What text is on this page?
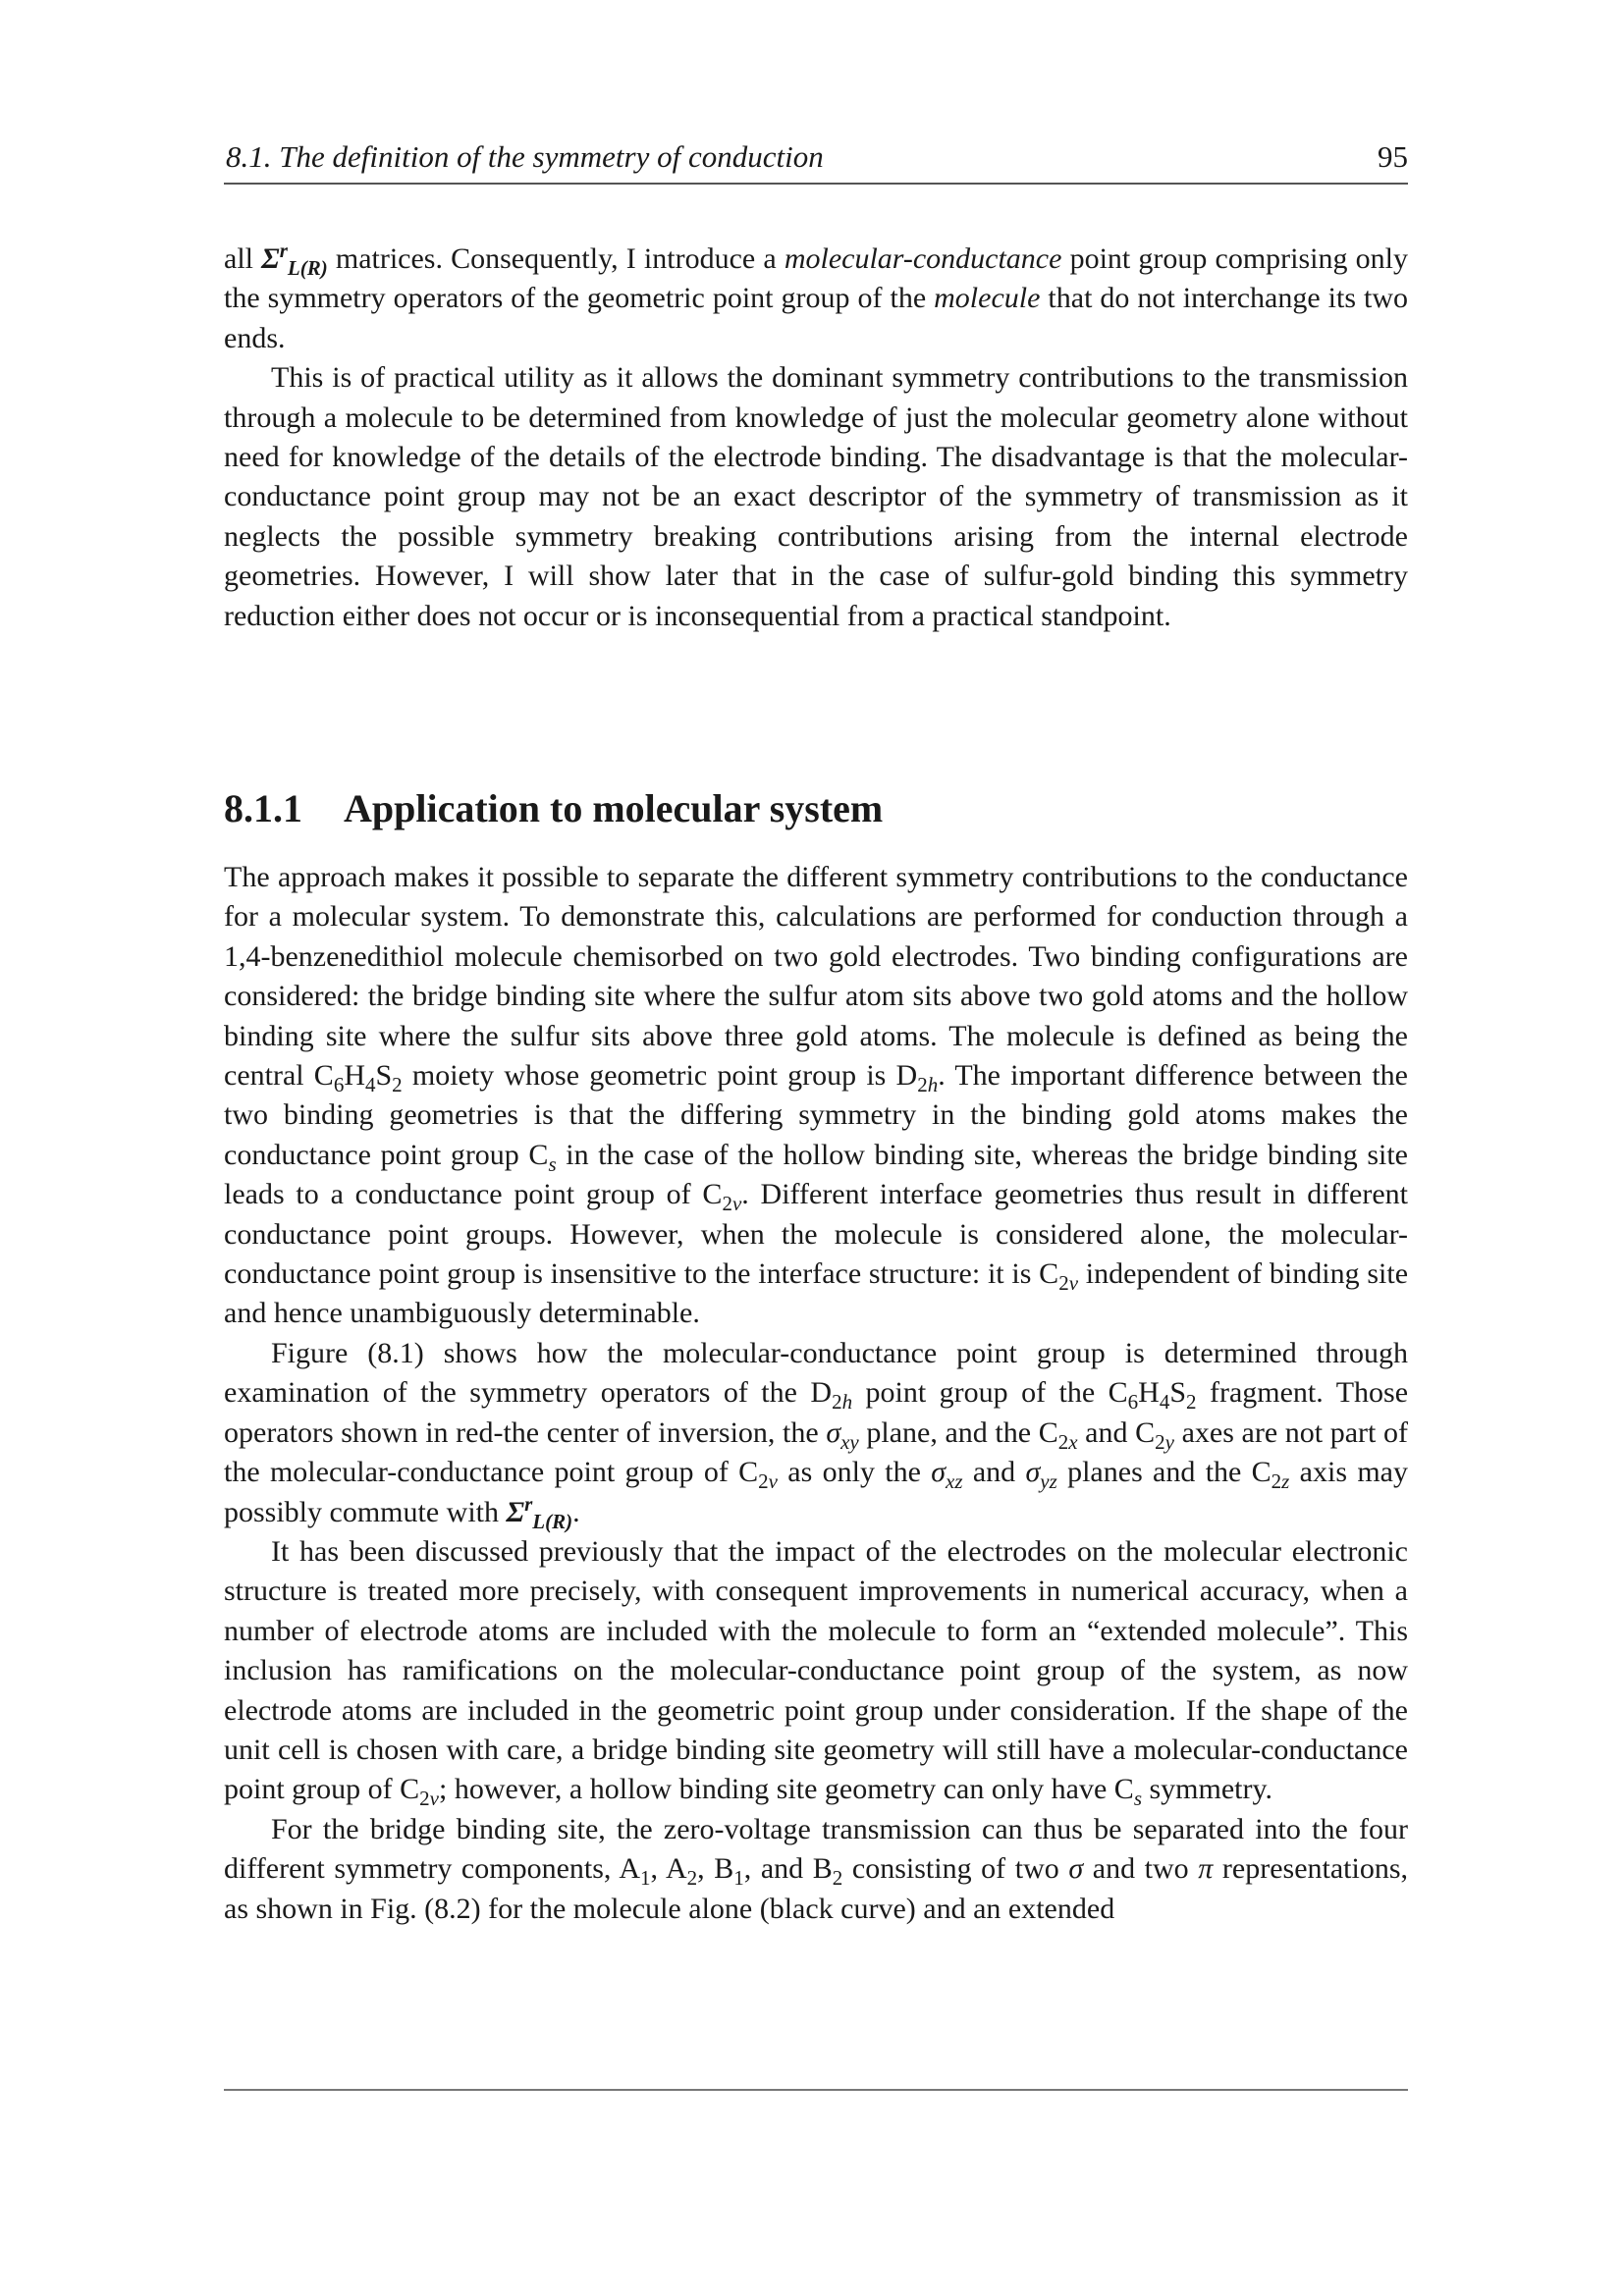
8.1. The definition of the symmetry of conduction	95

all $\Sigma^r_{L(R)}$ matrices. Consequently, I introduce a molecular-conductance point group comprising only the symmetry operators of the geometric point group of the molecule that do not interchange its two ends.

This is of practical utility as it allows the dominant symmetry contributions to the transmission through a molecule to be determined from knowledge of just the molecular geometry alone without need for knowledge of the details of the electrode binding. The disadvantage is that the molecular-conductance point group may not be an exact descriptor of the symmetry of transmission as it neglects the possible symmetry breaking contributions arising from the internal electrode geometries. However, I will show later that in the case of sulfur-gold binding this symmetry reduction either does not occur or is inconsequential from a practical standpoint.

8.1.1 Application to molecular system

The approach makes it possible to separate the different symmetry contributions to the conductance for a molecular system. To demonstrate this, calculations are performed for conduction through a 1,4-benzenedithiol molecule chemisorbed on two gold electrodes. Two binding configurations are considered: the bridge binding site where the sulfur atom sits above two gold atoms and the hollow binding site where the sulfur sits above three gold atoms. The molecule is defined as being the central $C_6H_4S_2$ moiety whose geometric point group is $D_{2h}$. The important difference between the two binding geometries is that the differing symmetry in the binding gold atoms makes the conductance point group $C_s$ in the case of the hollow binding site, whereas the bridge binding site leads to a conductance point group of $C_{2v}$. Different interface geometries thus result in different conductance point groups. However, when the molecule is considered alone, the molecular-conductance point group is insensitive to the interface structure: it is $C_{2v}$ independent of binding site and hence unambiguously determinable.

Figure (8.1) shows how the molecular-conductance point group is determined through examination of the symmetry operators of the $D_{2h}$ point group of the $C_6H_4S_2$ fragment. Those operators shown in red-the center of inversion, the $\sigma_{xy}$ plane, and the $C_{2x}$ and $C_{2y}$ axes are not part of the molecular-conductance point group of $C_{2v}$ as only the $\sigma_{xz}$ and $\sigma_{yz}$ planes and the $C_{2z}$ axis may possibly commute with $\Sigma^r_{L(R)}$.

It has been discussed previously that the impact of the electrodes on the molecular electronic structure is treated more precisely, with consequent improvements in numerical accuracy, when a number of electrode atoms are included with the molecule to form an “extended molecule”. This inclusion has ramifications on the molecular-conductance point group of the system, as now electrode atoms are included in the geometric point group under consideration. If the shape of the unit cell is chosen with care, a bridge binding site geometry will still have a molecular-conductance point group of $C_{2v}$; however, a hollow binding site geometry can only have $C_s$ symmetry.

For the bridge binding site, the zero-voltage transmission can thus be separated into the four different symmetry components, $A_1$, $A_2$, $B_1$, and $B_2$ consisting of two σ and two π representations, as shown in Fig. (8.2) for the molecule alone (black curve) and an extended
